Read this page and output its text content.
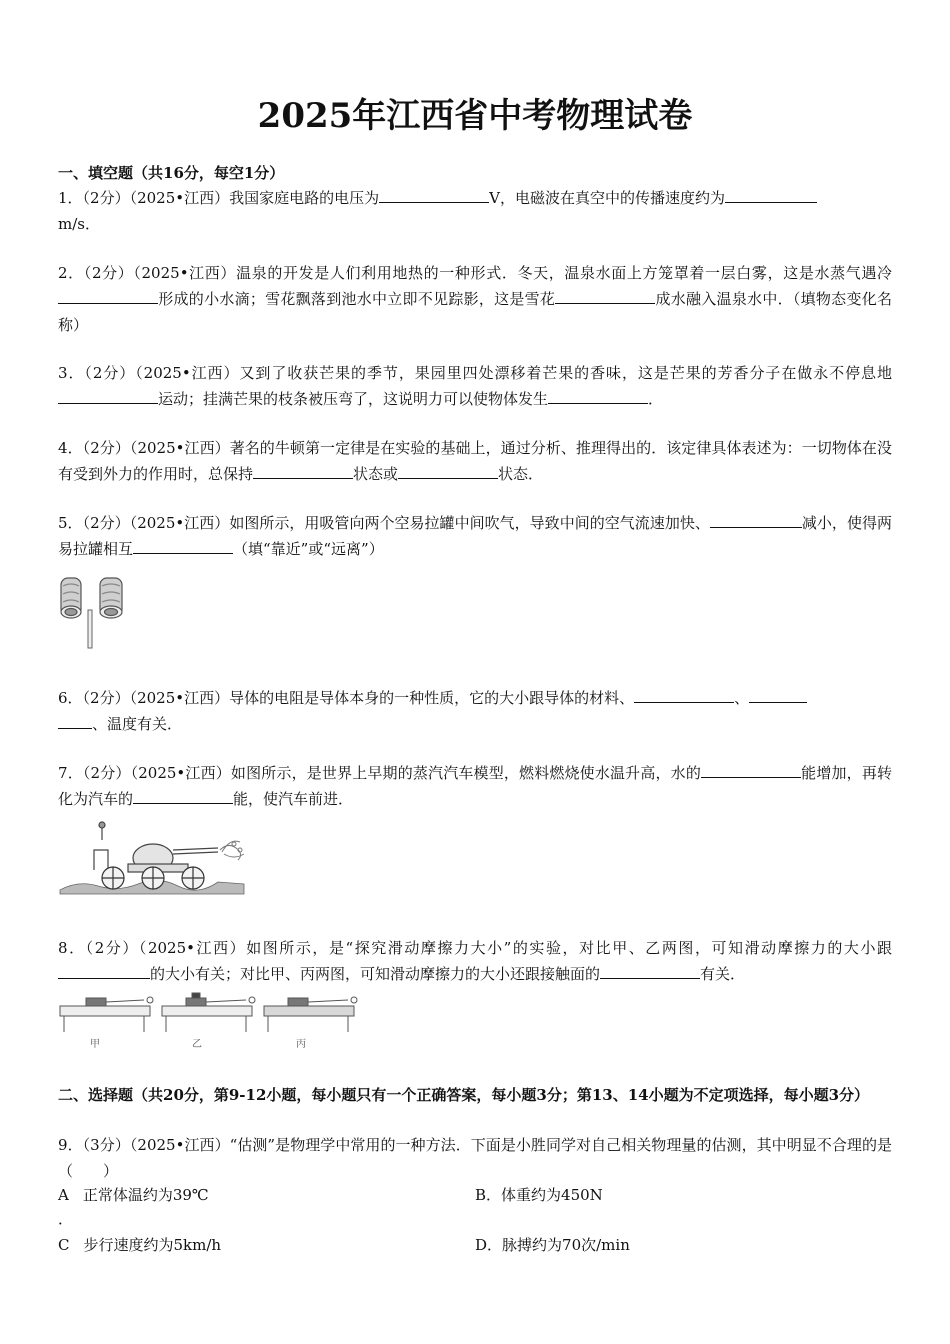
2025年江西省中考物理试卷
一、填空题（共16分，每空1分）
1．（2分）（2025•江西）我国家庭电路的电压为	V，电磁波在真空中的传播速度约为
m/s．
2．（2分）（2025•江西）温泉的开发是人们利用地热的一种形式．冬天，温泉水面上方笼罩着一层白雾，这是水蒸气遇冷形成的小水滴；雪花飘落到池水中立即不见踪影，这是雪花	成水融入温泉水中．（填物态变化名称）
3．（2分）（2025•江西）又到了收获芒果的季节，果园里四处漂移着芒果的香味，这是芒果的芳香分子在做永不停息地运动；挂满芒果的枝条被压弯了，这说明力可以使物体发生	．
4．（2分）（2025•江西）著名的牛顿第一定律是在实验的基础上，通过分析、推理得出的．该定律具体表述为：一切物体在没有受到外力的作用时，总保持	状态或	状态．
5．（2分）（2025•江西）如图所示，用吸管向两个空易拉罐中间吹气，导致中间的空气流速加快、	减小，使得两易拉罐相互	（填“靠近”或“远离”）
6．（2分）（2025•江西）导体的电阻是导体本身的一种性质，它的大小跟导体的材料、	、
、温度有关．
7．（2分）（2025•江西）如图所示，是世界上早期的蒸汽汽车模型，燃料燃烧使水温升高，水的	能增加，再转化为汽车的	能，使汽车前进．
8．（2分）（2025•江西）如图所示，是“探究滑动摩擦力大小”的实验，对比甲、乙两图，可知滑动摩擦力的大小跟的大小有关；对比甲、丙两图，可知滑动摩擦力的大小还跟接触面的	有关．
甲	乙	丙
二、选择题（共20分，第9-12小题，每小题只有一个正确答案，每小题3分；第13、14小题为不定项选择，每小题3分）
9．（3分）（2025•江西）“估测”是物理学中常用的一种方法．下面是小胜同学对自己相关物理量的估测，其中明显不合理的是（　　）
A 正常体温约为39℃
．
B．体重约为450N
C 步行速度约为5km/h	D．脉搏约为70次/min
